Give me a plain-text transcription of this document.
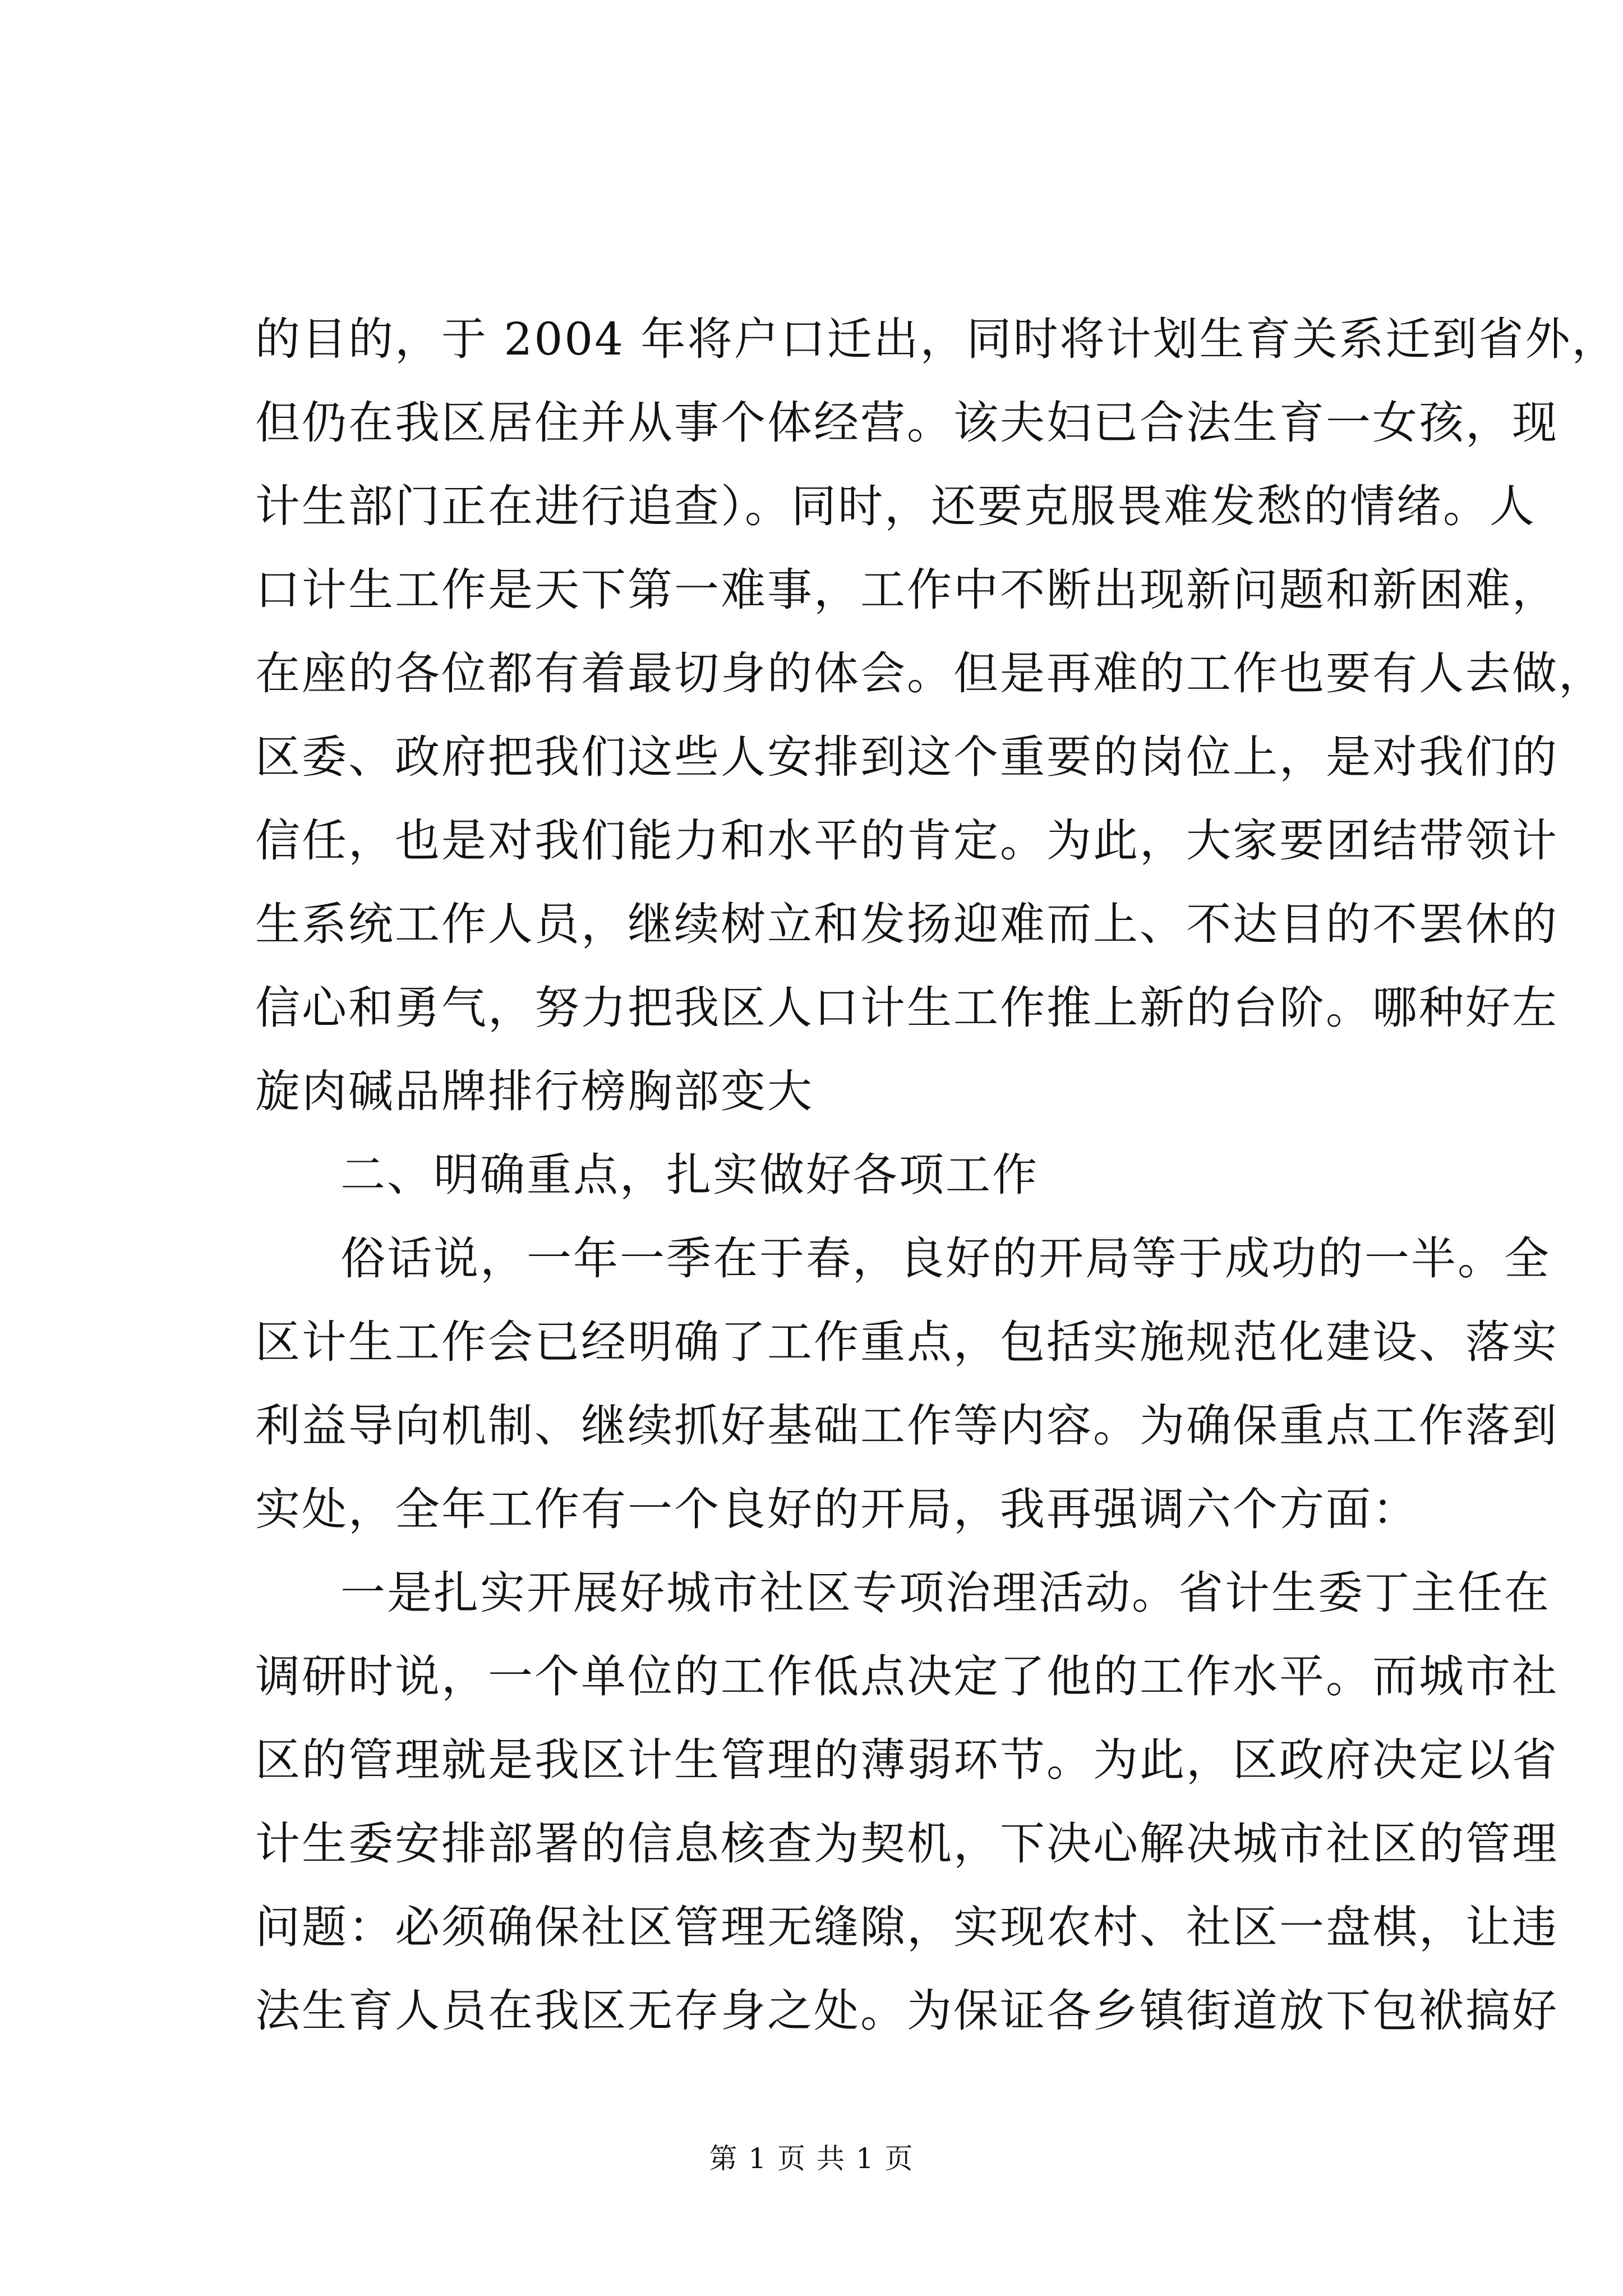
的目的，于 2004 年将户口迁出，同时将计划生育关系迁到省外，
但仍在我区居住并从事个体经营。该夫妇已合法生育一女孩，现
计生部门正在进行追查）。同时，还要克服畏难发愁的情绪。人
口计生工作是天下第一难事，工作中不断出现新问题和新困难，
在座的各位都有着最切身的体会。但是再难的工作也要有人去做，
区委、政府把我们这些人安排到这个重要的岗位上，是对我们的
信任，也是对我们能力和水平的肯定。为此，大家要团结带领计
生系统工作人员，继续树立和发扬迎难而上、不达目的不罢休的
信心和勇气，努力把我区人口计生工作推上新的台阶。哪种好左
旋肉碱品牌排行榜胸部变大
二、明确重点，扎实做好各项工作
俗话说，一年一季在于春，良好的开局等于成功的一半。全
区计生工作会已经明确了工作重点，包括实施规范化建设、落实
利益导向机制、继续抓好基础工作等内容。为确保重点工作落到
实处，全年工作有一个良好的开局，我再强调六个方面：
一是扎实开展好城市社区专项治理活动。省计生委丁主任在
调研时说，一个单位的工作低点决定了他的工作水平。而城市社
区的管理就是我区计生管理的薄弱环节。为此，区政府决定以省
计生委安排部署的信息核查为契机，下决心解决城市社区的管理
问题：必须确保社区管理无缝隙，实现农村、社区一盘棋，让违
法生育人员在我区无存身之处。为保证各乡镇街道放下包袱搞好
第 1 页 共 1 页
